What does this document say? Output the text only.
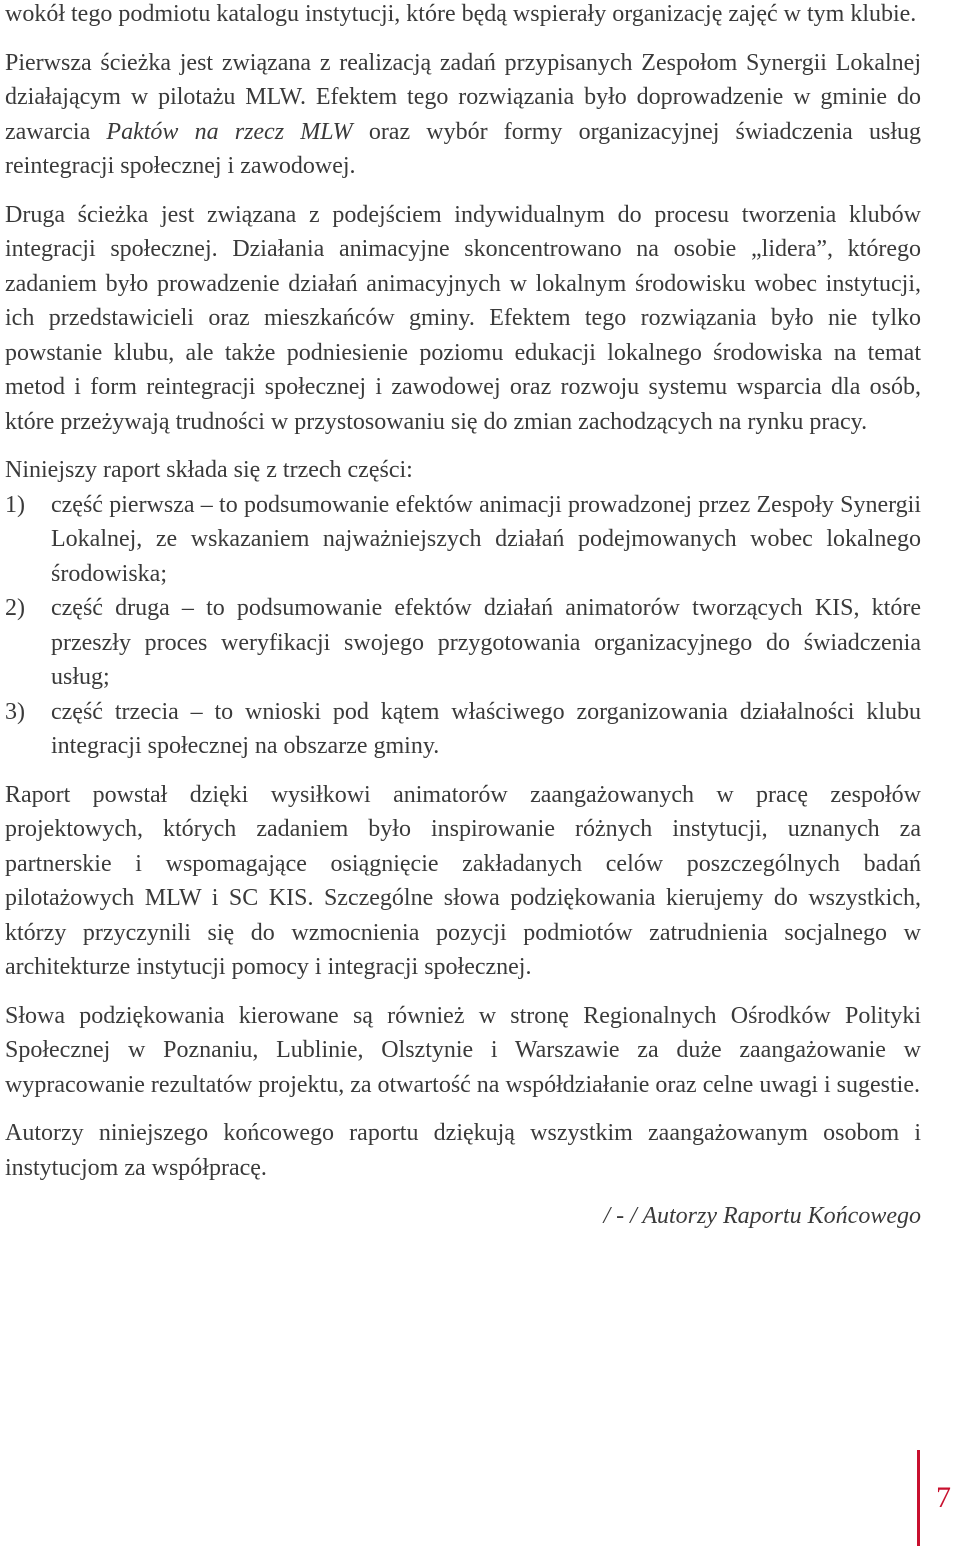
wokół tego podmiotu katalogu instytucji, które będą wspierały organizację zajęć w tym klubie.

Pierwsza ścieżka jest związana z realizacją zadań przypisanych Zespołom Synergii Lokalnej działającym w pilotażu MLW. Efektem tego rozwiązania było doprowadzenie w gminie do zawarcia Paktów na rzecz MLW oraz wybór formy organizacyjnej świadczenia usług reintegracji społecznej i zawodowej.

Druga ścieżka jest związana z podejściem indywidualnym do procesu tworzenia klubów integracji społecznej. Działania animacyjne skoncentrowano na osobie „lidera”, którego zadaniem było prowadzenie działań animacyjnych w lokalnym środowisku wobec instytucji, ich przedstawicieli oraz mieszkańców gminy. Efektem tego rozwiązania było nie tylko powstanie klubu, ale także podniesienie poziomu edukacji lokalnego środowiska na temat metod i form reintegracji społecznej i zawodowej oraz rozwoju systemu wsparcia dla osób, które przeżywają trudności w przystosowaniu się do zmian zachodzących na rynku pracy.

Niniejszy raport składa się z trzech części:

1)	część pierwsza – to podsumowanie efektów animacji prowadzonej przez Zespoły Synergii Lokalnej, ze wskazaniem najważniejszych działań podejmowanych wobec lokalnego środowiska;
2)	część druga – to podsumowanie efektów działań animatorów tworzących KIS, które przeszły proces weryfikacji swojego przygotowania organizacyjnego do świadczenia usług;
3)	część trzecia – to wnioski pod kątem właściwego zorganizowania działalności klubu integracji społecznej na obszarze gminy.

Raport powstał dzięki wysiłkowi animatorów zaangażowanych w pracę zespołów projektowych, których zadaniem było inspirowanie różnych instytucji, uznanych za partnerskie i wspomagające osiągnięcie zakładanych celów poszczególnych badań pilotażowych MLW i SC KIS. Szczególne słowa podziękowania kierujemy do wszystkich, którzy przyczynili się do wzmocnienia pozycji podmiotów zatrudnienia socjalnego w architekturze instytucji pomocy i integracji społecznej.

Słowa podziękowania kierowane są również w stronę Regionalnych Ośrodków Polityki Społecznej w Poznaniu, Lublinie, Olsztynie i Warszawie za duże zaangażowanie w wypracowanie rezultatów projektu, za otwartość na współdziałanie oraz celne uwagi i sugestie.

Autorzy niniejszego końcowego raportu dziękują wszystkim zaangażowanym osobom i instytucjom za współpracę.

/ - / Autorzy Raportu Końcowego
7
